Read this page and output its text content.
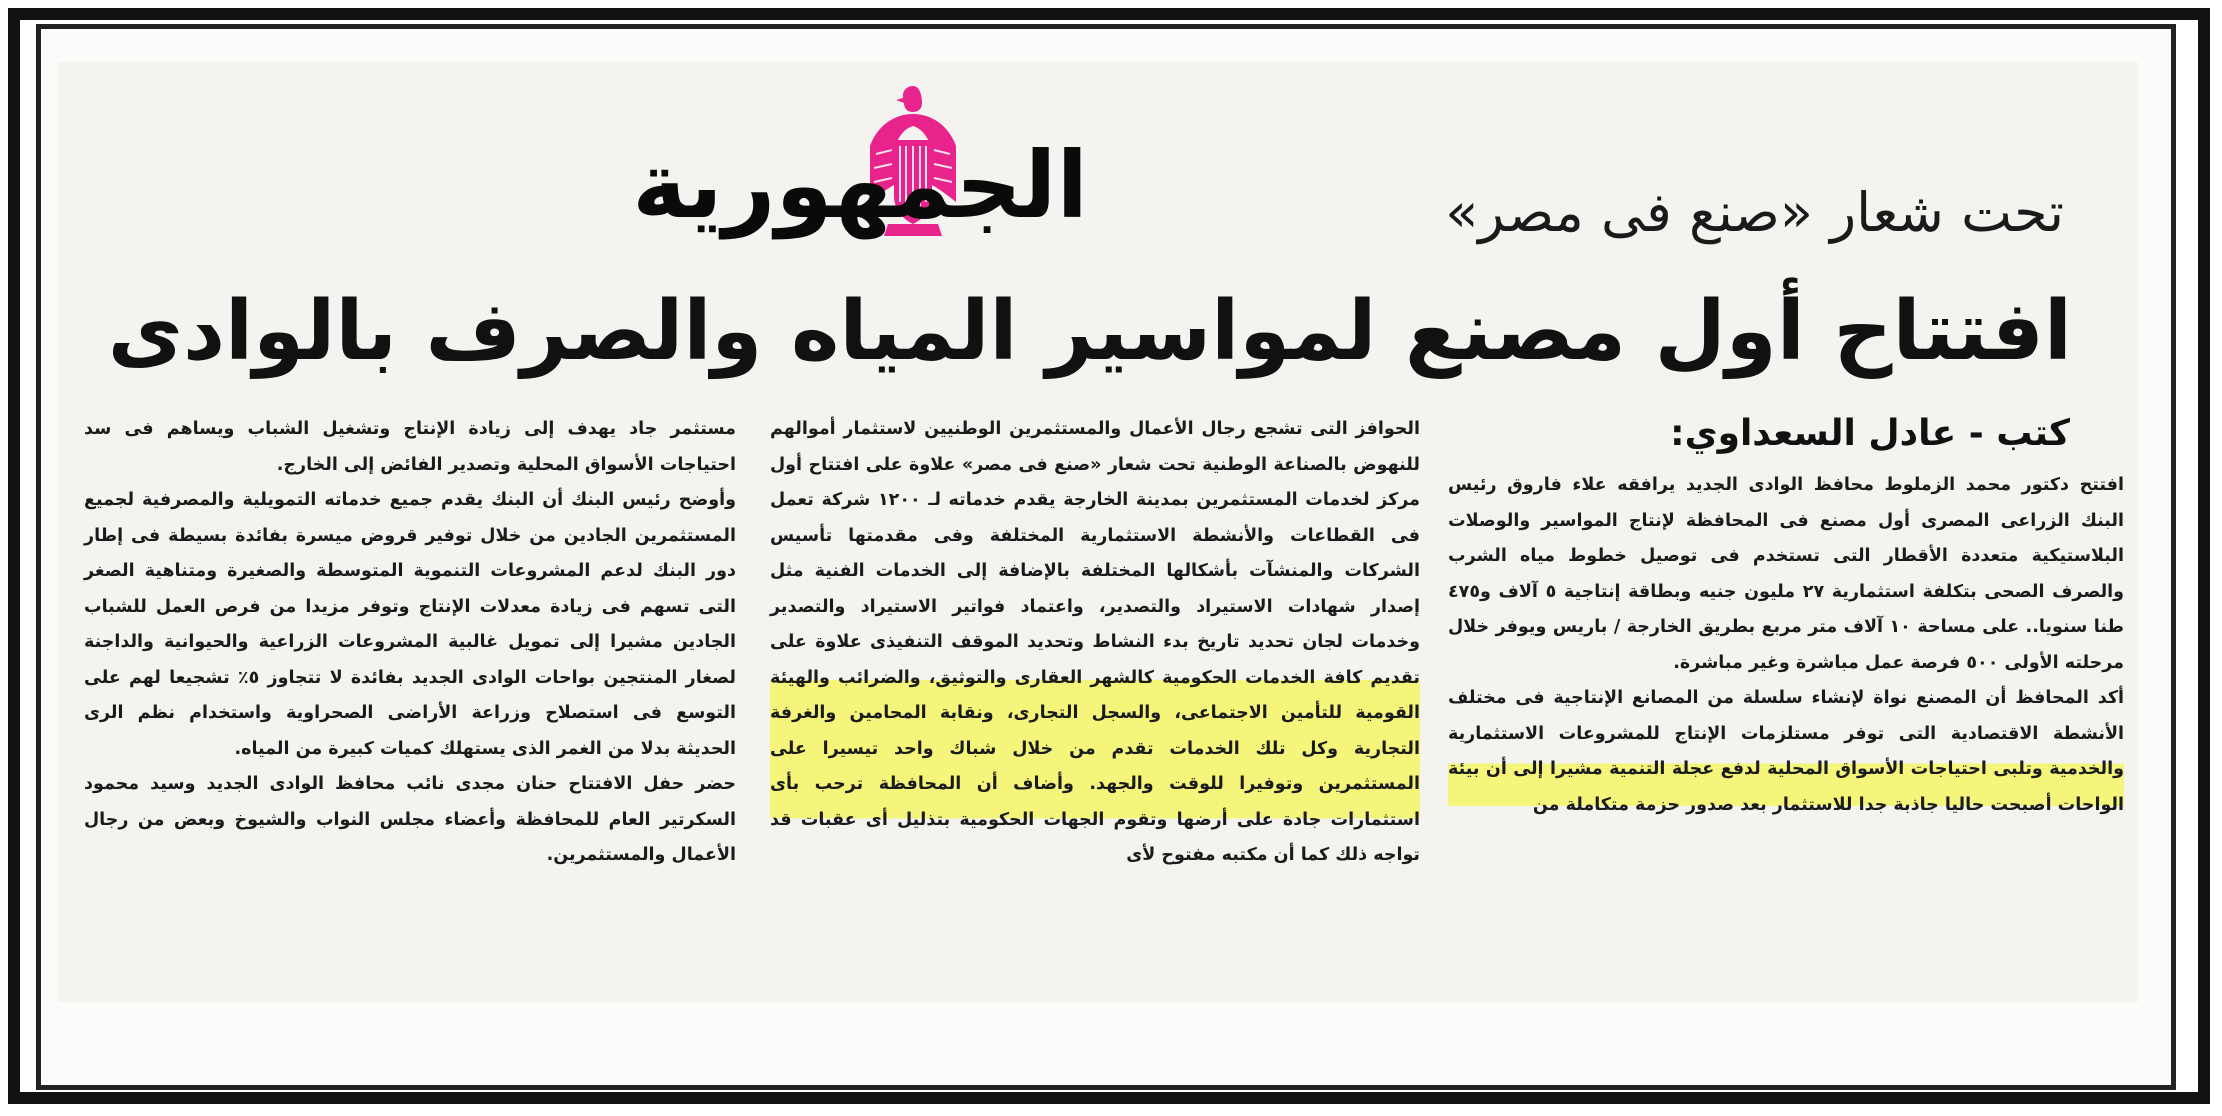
الجمهورية	تحت شعار «صنع فى مصر»
افتتاح أول مصنع لمواسير المياه والصرف بالوادى
كتب - عادل السعداوي:

افتتح دكتور محمد الزملوط محافظ الوادى الجديد يرافقه علاء فاروق رئيس البنك الزراعى المصرى أول مصنع فى المحافظة لإنتاج المواسير والوصلات البلاستيكية متعددة الأقطار التى تستخدم فى توصيل خطوط مياه الشرب والصرف الصحى بتكلفة استثمارية ٢٧ مليون جنيه وبطاقة إنتاجية ٥ آلاف و٤٧٥ طنا سنويا.. على مساحة ١٠ آلاف متر مربع بطريق الخارجة / باريس ويوفر خلال مرحلته الأولى ٥٠٠ فرصة عمل مباشرة وغير مباشرة.

أكد المحافظ أن المصنع نواة لإنشاء سلسلة من المصانع الإنتاجية فى مختلف الأنشطة الاقتصادية التى توفر مستلزمات الإنتاج للمشروعات الاستثمارية والخدمية وتلبى احتياجات الأسواق المحلية لدفع عجلة التنمية مشيرا إلى أن بيئة الواحات أصبحت حاليا جاذبة جدا للاستثمار بعد صدور حزمة متكاملة من

الحوافز التى تشجع رجال الأعمال والمستثمرين الوطنيين لاستثمار أموالهم للنهوض بالصناعة الوطنية تحت شعار «صنع فى مصر» علاوة على افتتاح أول مركز لخدمات المستثمرين بمدينة الخارجة يقدم خدماته لـ ١٢٠٠ شركة تعمل فى القطاعات والأنشطة الاستثمارية المختلفة وفى مقدمتها تأسيس الشركات والمنشآت بأشكالها المختلفة بالإضافة إلى الخدمات الفنية مثل إصدار شهادات الاستيراد والتصدير، واعتماد فواتير الاستيراد والتصدير وخدمات لجان تحديد تاريخ بدء النشاط وتحديد الموقف التنفيذى علاوة على تقديم كافة الخدمات الحكومية كالشهر العقارى والتوثيق، والضرائب والهيئة القومية للتأمين الاجتماعى، والسجل التجارى، ونقابة المحامين والغرفة التجارية وكل تلك الخدمات تقدم من خلال شباك واحد تيسيرا على المستثمرين وتوفيرا للوقت والجهد. وأضاف أن المحافظة ترحب بأى استثمارات جادة على أرضها وتقوم الجهات الحكومية بتذليل أى عقبات قد تواجه ذلك كما أن مكتبه مفتوح لأى

مستثمر جاد يهدف إلى زيادة الإنتاج وتشغيل الشباب ويساهم فى سد احتياجات الأسواق المحلية وتصدير الفائض إلى الخارج.

وأوضح رئيس البنك أن البنك يقدم جميع خدماته التمويلية والمصرفية لجميع المستثمرين الجادين من خلال توفير قروض ميسرة بفائدة بسيطة فى إطار دور البنك لدعم المشروعات التنموية المتوسطة والصغيرة ومتناهية الصغر التى تسهم فى زيادة معدلات الإنتاج وتوفر مزيدا من فرص العمل للشباب الجادين مشيرا إلى تمويل غالبية المشروعات الزراعية والحيوانية والداجنة لصغار المنتجين بواحات الوادى الجديد بفائدة لا تتجاوز ٥٪ تشجيعا لهم على التوسع فى استصلاح وزراعة الأراضى الصحراوية واستخدام نظم الرى الحديثة بدلا من الغمر الذى يستهلك كميات كبيرة من المياه.

حضر حفل الافتتاح حنان مجدى نائب محافظ الوادى الجديد وسيد محمود السكرتير العام للمحافظة وأعضاء مجلس النواب والشيوخ وبعض من رجال الأعمال والمستثمرين.
